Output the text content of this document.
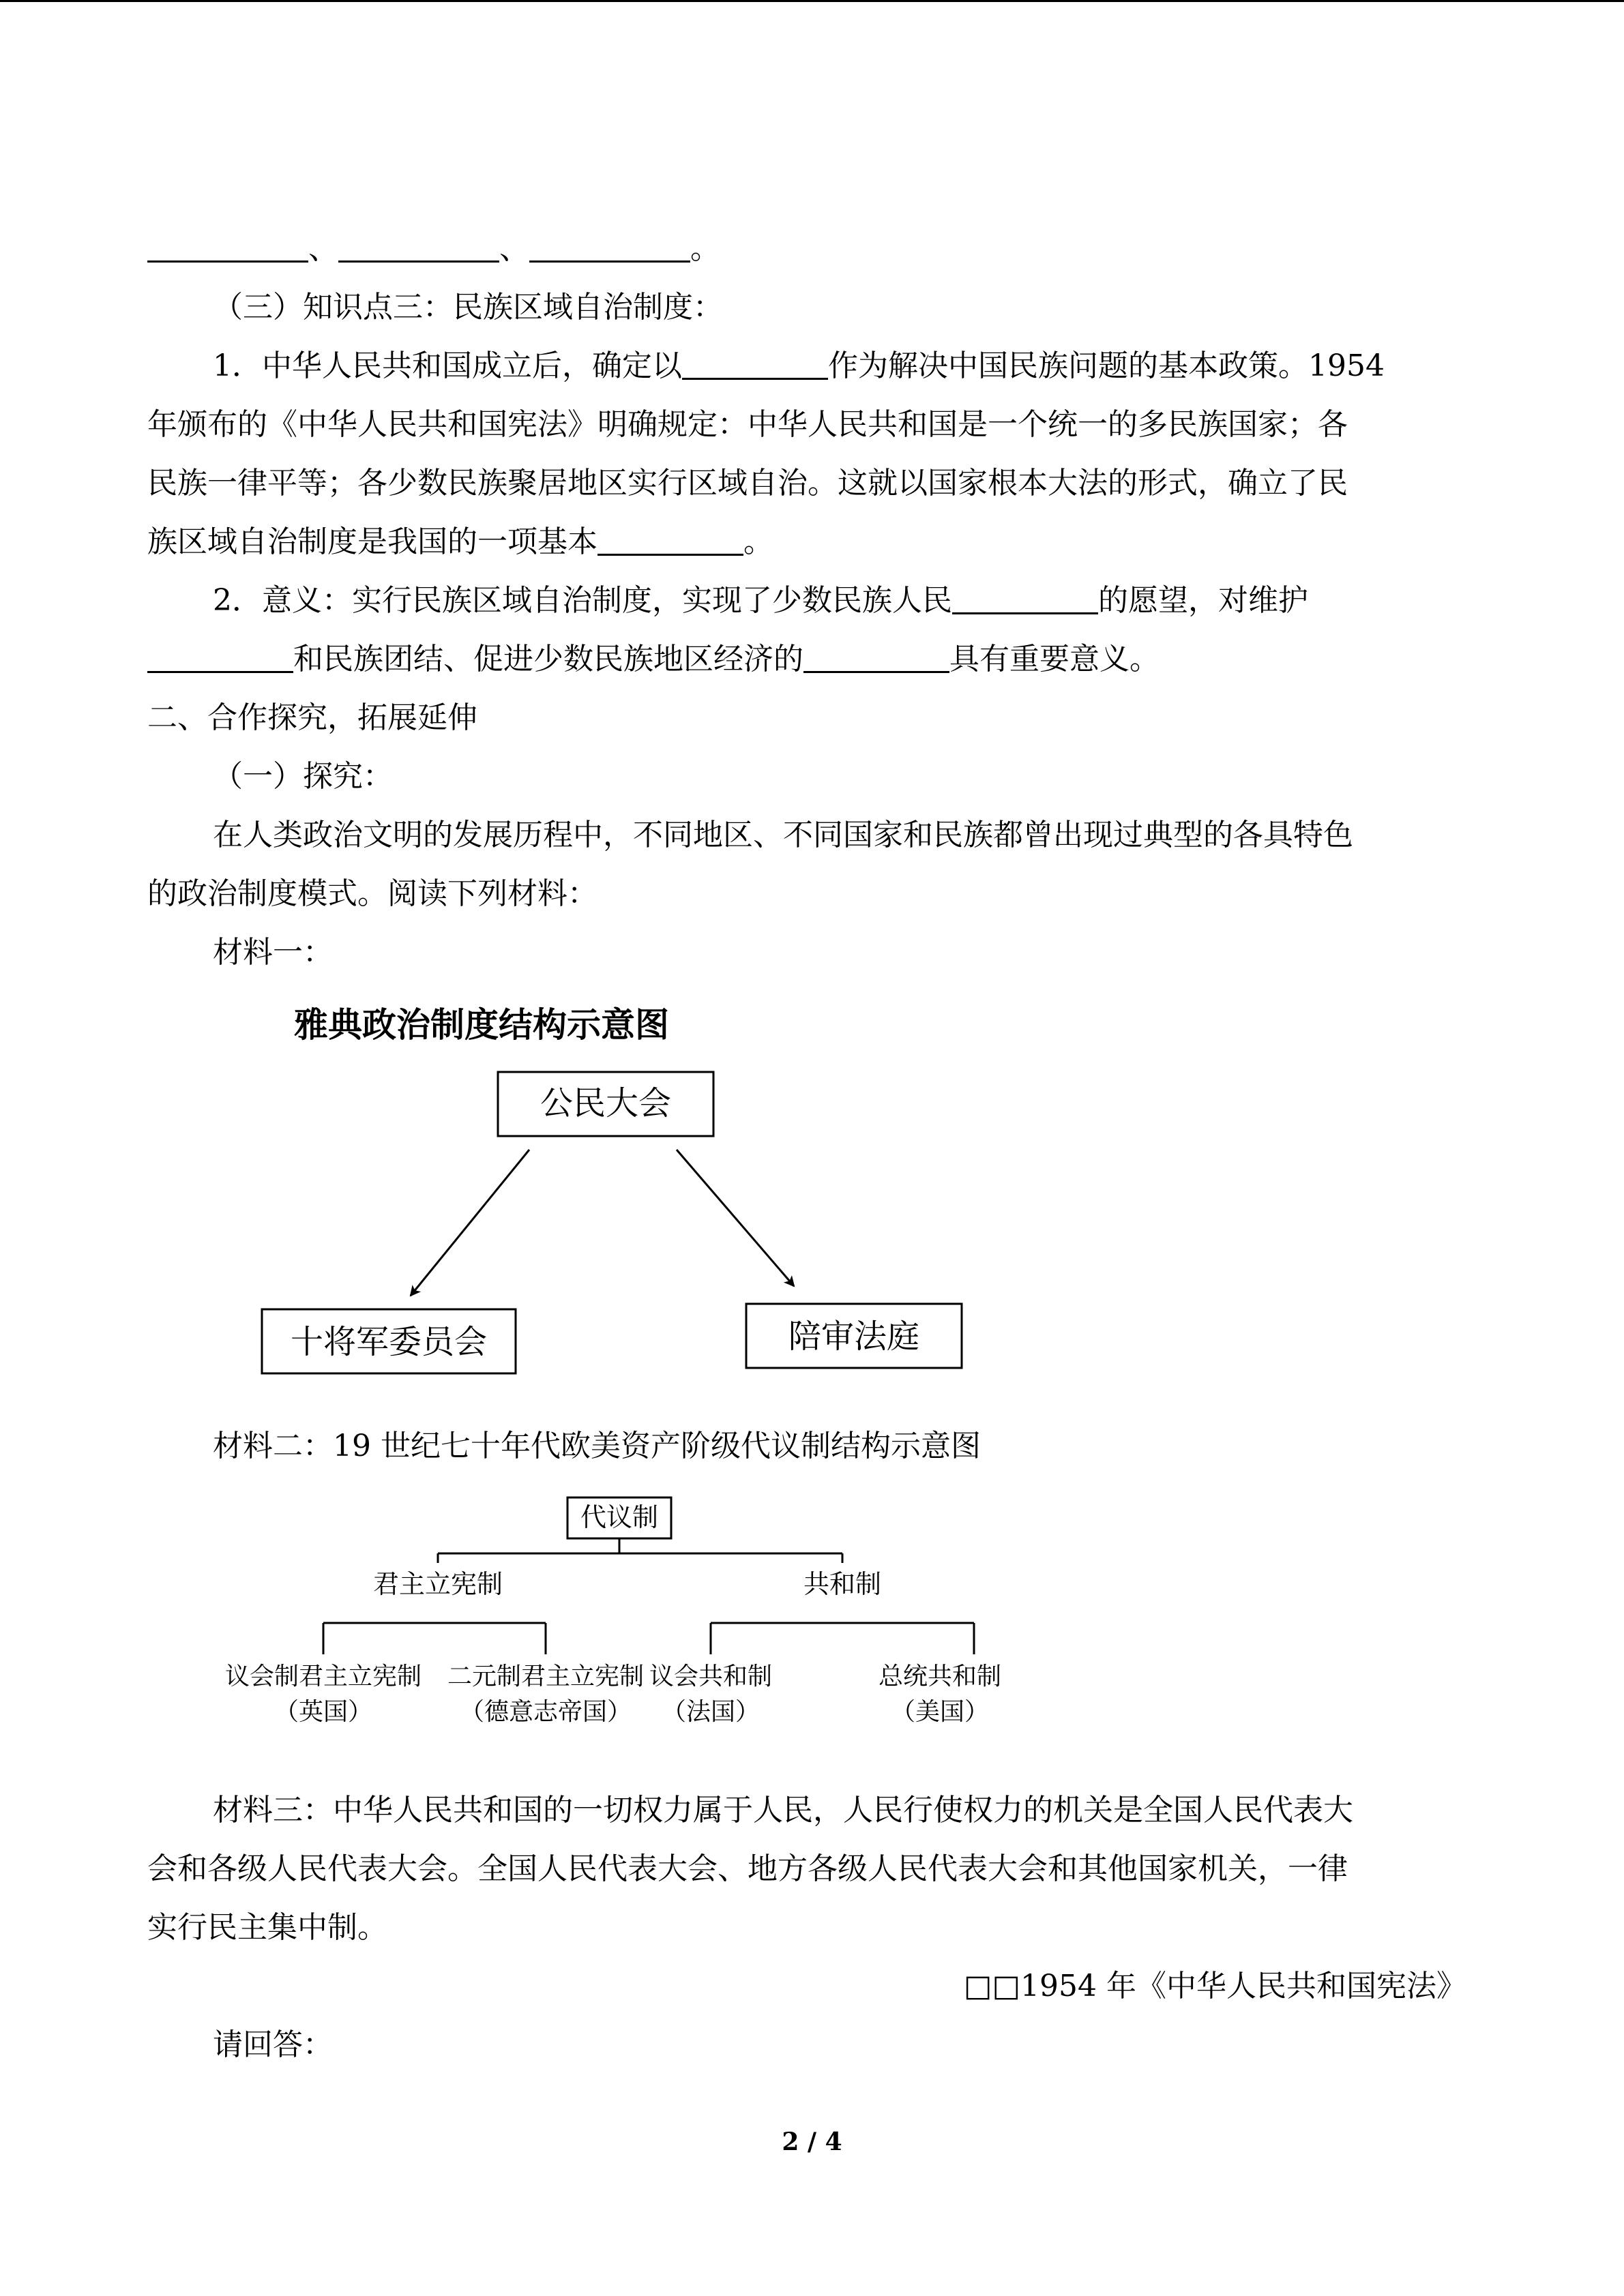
、	、	。
（三）知识点三：民族区域自治制度：
1．中华人民共和国成立后，确定以	作为解决中国民族问题的基本政策。1954
年颁布的《中华人民共和国宪法》明确规定：中华人民共和国是一个统一的多民族国家；各
民族一律平等；各少数民族聚居地区实行区域自治。这就以国家根本大法的形式，确立了民
族区域自治制度是我国的一项基本	。
2．意义：实行民族区域自治制度，实现了少数民族人民	的愿望，对维护
和民族团结、促进少数民族地区经济的	具有重要意义。
二、合作探究，拓展延伸
（一）探究：
在人类政治文明的发展历程中，不同地区、不同国家和民族都曾出现过典型的各具特色
的政治制度模式。阅读下列材料：
材料一：
雅典政治制度结构示意图
公民大会
十将军委员会	陪审法庭
材料二：19 世纪七十年代欧美资产阶级代议制结构示意图
代议制
君主立宪制	共和制
议会制君主立宪制
（英国）
二元制君主立宪制
（德意志帝国）
议会共和制
（法国）
总统共和制
（美国）
材料三：中华人民共和国的一切权力属于人民，人民行使权力的机关是全国人民代表大
会和各级人民代表大会。全国人民代表大会、地方各级人民代表大会和其他国家机关，一律
实行民主集中制。
□□1954 年《中华人民共和国宪法》
请回答：
2 / 4
